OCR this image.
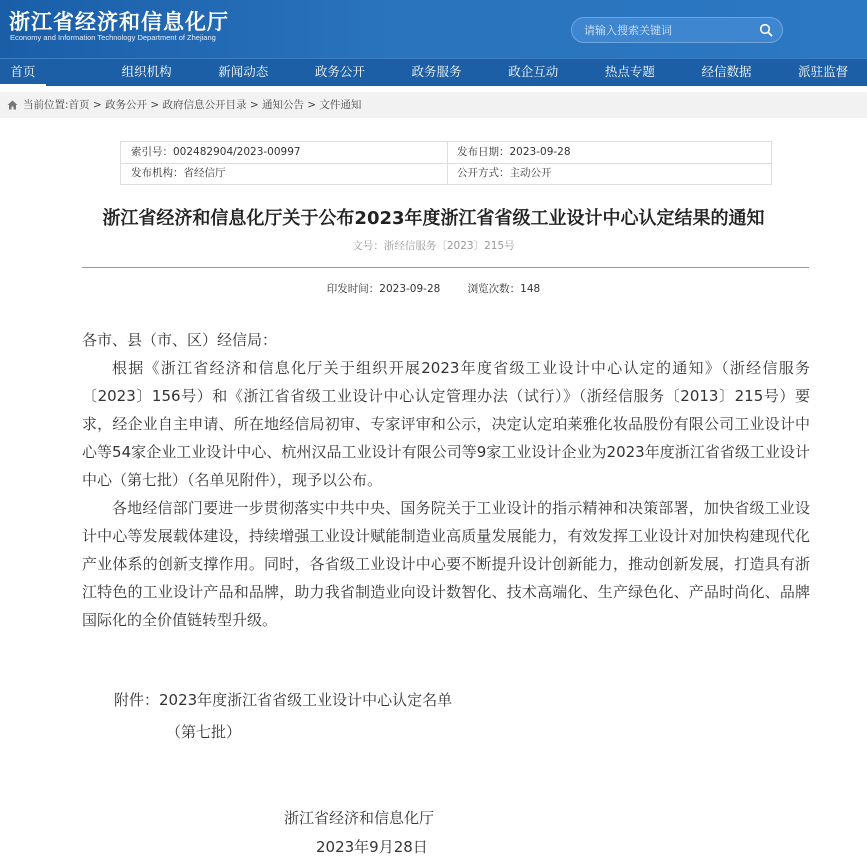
浙江省经济和信息化厅
Economy and Information Technology Department of Zhejiang
请输入搜索关键词
首页	组织机构	新闻动态	政务公开	政务服务	政企互动	热点专题	经信数据	派驻监督
当前位置:首页 > 政务公开 > 政府信息公开目录 > 通知公告 > 文件通知
索引号：002482904/2023-00997	发布日期：2023-09-28
发布机构：省经信厅	公开方式：主动公开
浙江省经济和信息化厅关于公布2023年度浙江省省级工业设计中心认定结果的通知
文号：浙经信服务〔2023〕215号
印发时间：2023-09-28	浏览次数：148

各市、县（市、区）经信局：

根据《浙江省经济和信息化厅关于组织开展2023年度省级工业设计中心认定的通知》（浙经信服务〔2023〕156号）和《浙江省省级工业设计中心认定管理办法（试行）》（浙经信服务〔2013〕215号）要求，经企业自主申请、所在地经信局初审、专家评审和公示，决定认定珀莱雅化妆品股份有限公司工业设计中心等54家企业工业设计中心、杭州汉品工业设计有限公司等9家工业设计企业为2023年度浙江省省级工业设计中心（第七批）（名单见附件），现予以公布。

各地经信部门要进一步贯彻落实中共中央、国务院关于工业设计的指示精神和决策部署，加快省级工业设计中心等发展载体建设，持续增强工业设计赋能制造业高质量发展能力，有效发挥工业设计对加快构建现代化产业体系的创新支撑作用。同时，各省级工业设计中心要不断提升设计创新能力，推动创新发展，打造具有浙江特色的工业设计产品和品牌，助力我省制造业向设计数智化、技术高端化、生产绿色化、产品时尚化、品牌国际化的全价值链转型升级。

附件：2023年度浙江省省级工业设计中心认定名单
（第七批）
浙江省经济和信息化厅
2023年9月28日
